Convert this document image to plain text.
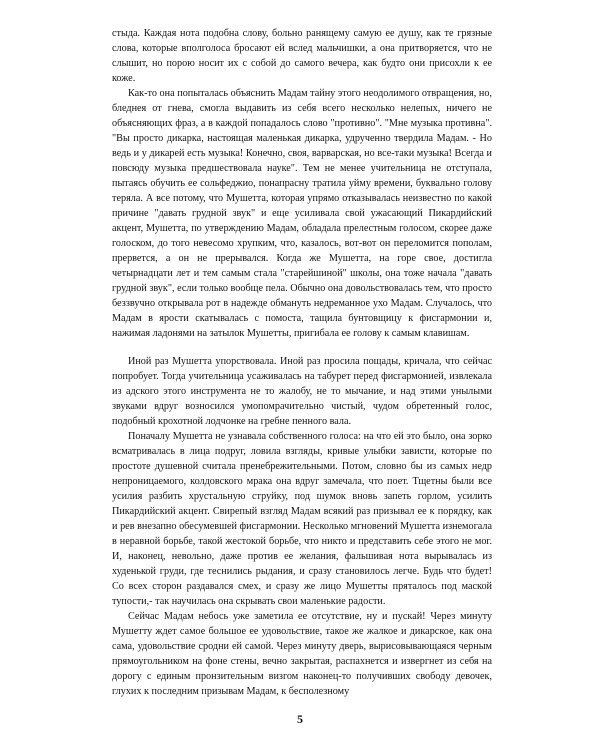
стыда. Каждая нота подобна слову, больно ранящему самую ее душу, как те грязные слова, которые вполголоса бросают ей вслед мальчишки, а она притворяется, что не слышит, но порою носит их с собой до самого вечера, как будто они присохли к ее коже.

Как-то она попыталась объяснить Мадам тайну этого неодолимого отвращения, но, бледнея от гнева, смогла выдавить из себя всего несколько нелепых, ничего не объясняющих фраз, а в каждой попадалось слово "противно". "Мне музыка противна". "Вы просто дикарка, настоящая маленькая дикарка, удрученно твердила Мадам. - Но ведь и у дикарей есть музыка! Конечно, своя, варварская, но все-таки музыка! Всегда и повсюду музыка предшествовала науке". Тем не менее учительница не отступала, пытаясь обучить ее сольфеджио, понапрасну тратила уйму времени, буквально голову теряла. А все потому, что Мушетта, которая упрямо отказывалась неизвестно по какой причине "давать грудной звук" и еще усиливала свой ужасающий Пикардийский акцент, Мушетта, по утверждению Мадам, обладала прелестным голосом, скорее даже голоском, до того невесомо хрупким, что, казалось, вот-вот он переломится пополам, прервется, а он не прерывался. Когда же Мушетта, на горе свое, достигла четырнадцати лет и тем самым стала "старейшиной" школы, она тоже начала "давать грудной звук", если только вообще пела. Обычно она довольствовалась тем, что просто беззвучно открывала рот в надежде обмануть недреманное ухо Мадам. Случалось, что Мадам в ярости скатывалась с помоста, тащила бунтовщицу к фисгармонии и, нажимая ладонями на затылок Мушетты, пригибала ее голову к самым клавишам.

Иной раз Мушетта упорствовала. Иной раз просила пощады, кричала, что сейчас попробует. Тогда учительница усаживалась на табурет перед фисгармонией, извлекала из адского этого инструмента не то жалобу, не то мычание, и над этими унылыми звуками вдруг возносился умопомрачительно чистый, чудом обретенный голос, подобный крохотной лодчонке на гребне пенного вала.

Поначалу Мушетта не узнавала собственного голоса: на что ей это было, она зорко всматривалась в лица подруг, ловила взгляды, кривые улыбки зависти, которые по простоте душевной считала пренебрежительными. Потом, словно бы из самых недр непроницаемого, колдовского мрака она вдруг замечала, что поет. Тщетны были все усилия разбить хрустальную струйку, под шумок вновь запеть горлом, усилить Пикардийский акцент. Свирепый взгляд Мадам всякий раз призывал ее к порядку, как и рев внезапно обесумевшей фисгармонии. Несколько мгновений Мушетта изнемогала в неравной борьбе, такой жестокой борьбе, что никто и представить себе этого не мог. И, наконец, невольно, даже против ее желания, фальшивая нота вырывалась из худенькой груди, где теснились рыдания, и сразу становилось легче. Будь что будет! Со всех сторон раздавался смех, и сразу же лицо Мушетты пряталось под маской тупости,- так научилась она скрывать свои маленькие радости.

Сейчас Мадам небось уже заметила ее отсутствие, ну и пускай! Через минуту Мушетту ждет самое большое ее удовольствие, такое же жалкое и дикарское, как она сама, удовольствие сродни ей самой. Через минуту дверь, вырисовывающаяся черным прямоугольником на фоне стены, вечно закрытая, распахнется и извергнет из себя на дорогу с единым пронзительным визгом наконец-то получивших свободу девочек, глухих к последним призывам Мадам, к бесполезному

5
